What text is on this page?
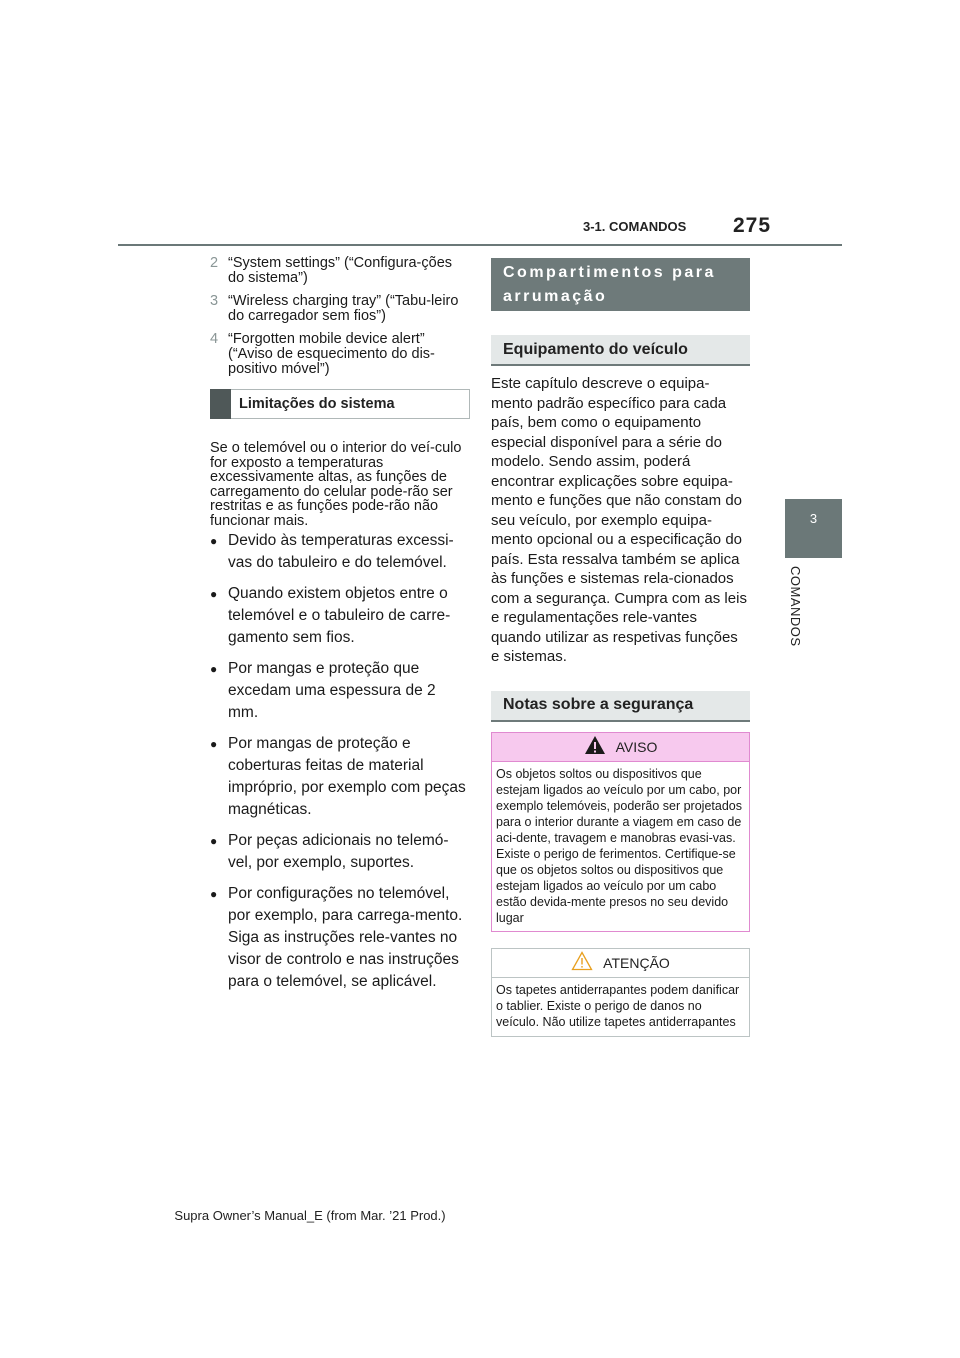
3-1. COMANDOS 275
3
COMANDOS
2 “System settings” (“Configura-ções do sistema”)
3 “Wireless charging tray” (“Tabu-leiro do carregador sem fios”)
4 “Forgotten mobile device alert” (“Aviso de esquecimento do dis-positivo móvel”)
Limitações do sistema

Se o telemóvel ou o interior do veí-culo for exposto a temperaturas excessivamente altas, as funções de carregamento do celular pode-rão ser restritas e as funções pode-rão não funcionar mais.

● Devido às temperaturas excessi-vas do tabuleiro e do telemóvel.
● Quando existem objetos entre o telemóvel e o tabuleiro de carre-gamento sem fios.
● Por mangas e proteção que excedam uma espessura de 2 mm.
● Por mangas de proteção e coberturas feitas de material impróprio, por exemplo com peças magnéticas.
● Por peças adicionais no telemó-vel, por exemplo, suportes.
● Por configurações no telemóvel, por exemplo, para carrega-mento. Siga as instruções rele-vantes no visor de controlo e nas instruções para o telemóvel, se aplicável.
Compartimentos para arrumação
Equipamento do veículo
Este capítulo descreve o equipa-mento padrão específico para cada país, bem como o equipamento especial disponível para a série do modelo. Sendo assim, poderá encontrar explicações sobre equipa-mento e funções que não constam do seu veículo, por exemplo equipa-mento opcional ou a especificação do país. Esta ressalva também se aplica às funções e sistemas rela-cionados com a segurança. Cumpra com as leis e regulamentações rele-vantes quando utilizar as respetivas funções e sistemas.
Notas sobre a segurança
AVISO
Os objetos soltos ou dispositivos que estejam ligados ao veículo por um cabo, por exemplo telemóveis, poderão ser projetados para o interior durante a viagem em caso de aci-dente, travagem e manobras evasi-vas. Existe o perigo de ferimentos. Certifique-se que os objetos soltos ou dispositivos que estejam ligados ao veículo por um cabo estão devida-mente presos no seu devido lugar
ATENÇÃO
Os tapetes antiderrapantes podem danificar o tablier. Existe o perigo de danos no veículo. Não utilize tapetes antiderrapantes
Supra Owner’s Manual_E (from Mar. ’21 Prod.)
